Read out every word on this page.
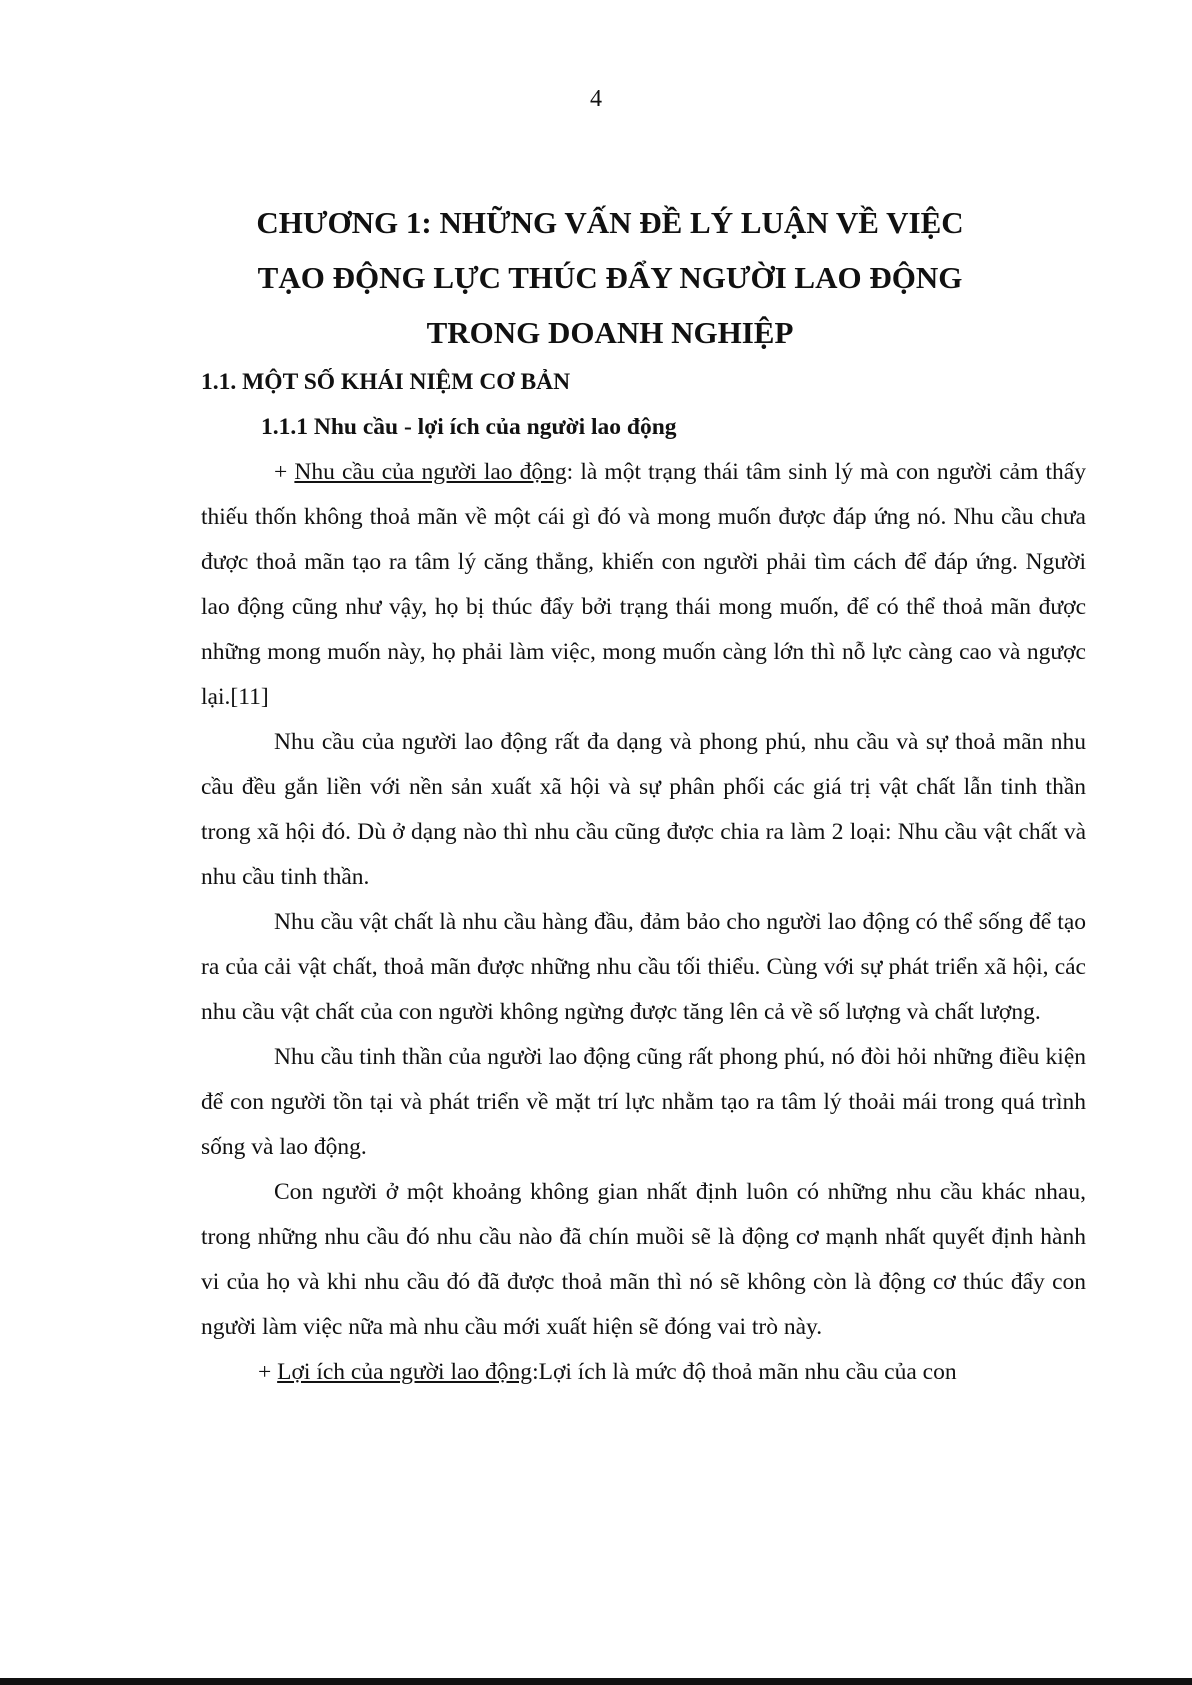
4
CHƯƠNG 1: NHỮNG VẤN ĐỀ LÝ LUẬN VỀ VIỆC
TẠO ĐỘNG LỰC THÚC ĐẨY NGƯỜI LAO ĐỘNG
TRONG DOANH NGHIỆP
1.1. MỘT SỐ KHÁI NIỆM CƠ BẢN
1.1.1 Nhu cầu - lợi ích của người lao động

+ Nhu cầu của người lao động: là một trạng thái tâm sinh lý mà con người cảm thấy thiếu thốn không thoả mãn về một cái gì đó và mong muốn được đáp ứng nó. Nhu cầu chưa được thoả mãn tạo ra tâm lý căng thẳng, khiến con người phải tìm cách để đáp ứng. Người lao động cũng như vậy, họ bị thúc đẩy bởi trạng thái mong muốn, để có thể thoả mãn được những mong muốn này, họ phải làm việc, mong muốn càng lớn thì nỗ lực càng cao và ngược lại.[11]

Nhu cầu của người lao động rất đa dạng và phong phú, nhu cầu và sự thoả mãn nhu cầu đều gắn liền với nền sản xuất xã hội và sự phân phối các giá trị vật chất lẫn tinh thần trong xã hội đó. Dù ở dạng nào thì nhu cầu cũng được chia ra làm 2 loại: Nhu cầu vật chất và nhu cầu tinh thần.

Nhu cầu vật chất là nhu cầu hàng đầu, đảm bảo cho người lao động có thể sống để tạo ra của cải vật chất, thoả mãn được những nhu cầu tối thiểu. Cùng với sự phát triển xã hội, các nhu cầu vật chất của con người không ngừng được tăng lên cả về số lượng và chất lượng.

Nhu cầu tinh thần của người lao động cũng rất phong phú, nó đòi hỏi những điều kiện để con người tồn tại và phát triển về mặt trí lực nhằm tạo ra tâm lý thoải mái trong quá trình sống và lao động.

Con người ở một khoảng không gian nhất định luôn có những nhu cầu khác nhau, trong những nhu cầu đó nhu cầu nào đã chín muồi sẽ là động cơ mạnh nhất quyết định hành vi của họ và khi nhu cầu đó đã được thoả mãn thì nó sẽ không còn là động cơ thúc đẩy con người làm việc nữa mà nhu cầu mới xuất hiện sẽ đóng vai trò này.

+ Lợi ích của người lao động:Lợi ích là mức độ thoả mãn nhu cầu của con
